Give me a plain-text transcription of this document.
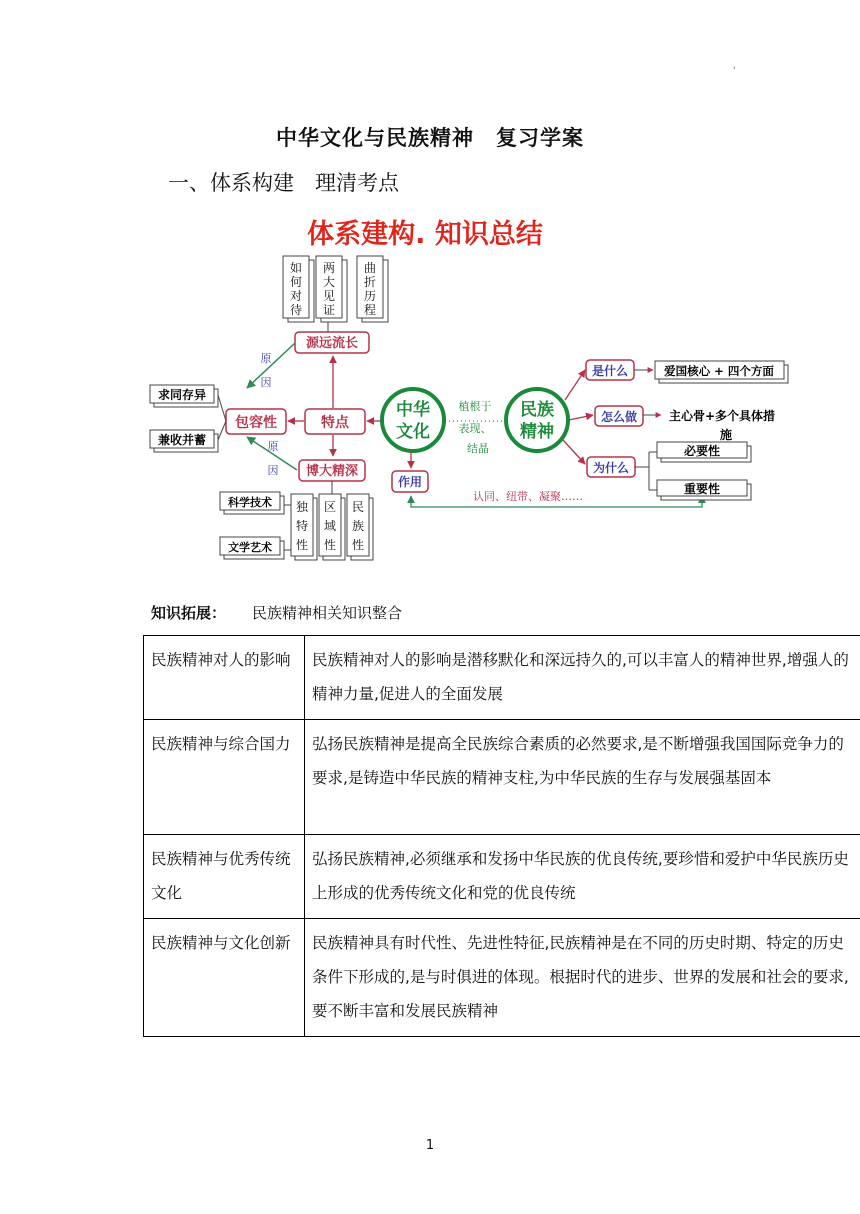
'
中华文化与民族精神　复习学案
一、体系构建　理清考点
体系建构. 知识总结
如何对待
两大见证
曲折历程
源远流长
特点
博大精深
包容性
原
因
原
因
求同存异
兼收并蓄
科学技术
文学艺术
独特性
区域性
民族性
中华
文化
民族
精神
植根于
表现、
结晶
作用
认同、纽带、凝聚……
是什么
怎么做
为什么
爱国核心 + 四个方面
主心骨+多个具体措
施
必要性
重要性
知识拓展： 民族精神相关知识整合
民族精神对人的影响	民族精神对人的影响是潜移默化和深远持久的,可以丰富人的精神世界,增强人的精神力量,促进人的全面发展
民族精神与综合国力	弘扬民族精神是提高全民族综合素质的必然要求,是不断增强我国国际竞争力的要求,是铸造中华民族的精神支柱,为中华民族的生存与发展强基固本
民族精神与优秀传统文化	弘扬民族精神,必须继承和发扬中华民族的优良传统,要珍惜和爱护中华民族历史上形成的优秀传统文化和党的优良传统
民族精神与文化创新	民族精神具有时代性、先进性特征,民族精神是在不同的历史时期、特定的历史条件下形成的,是与时俱进的体现。根据时代的进步、世界的发展和社会的要求,要不断丰富和发展民族精神
1
